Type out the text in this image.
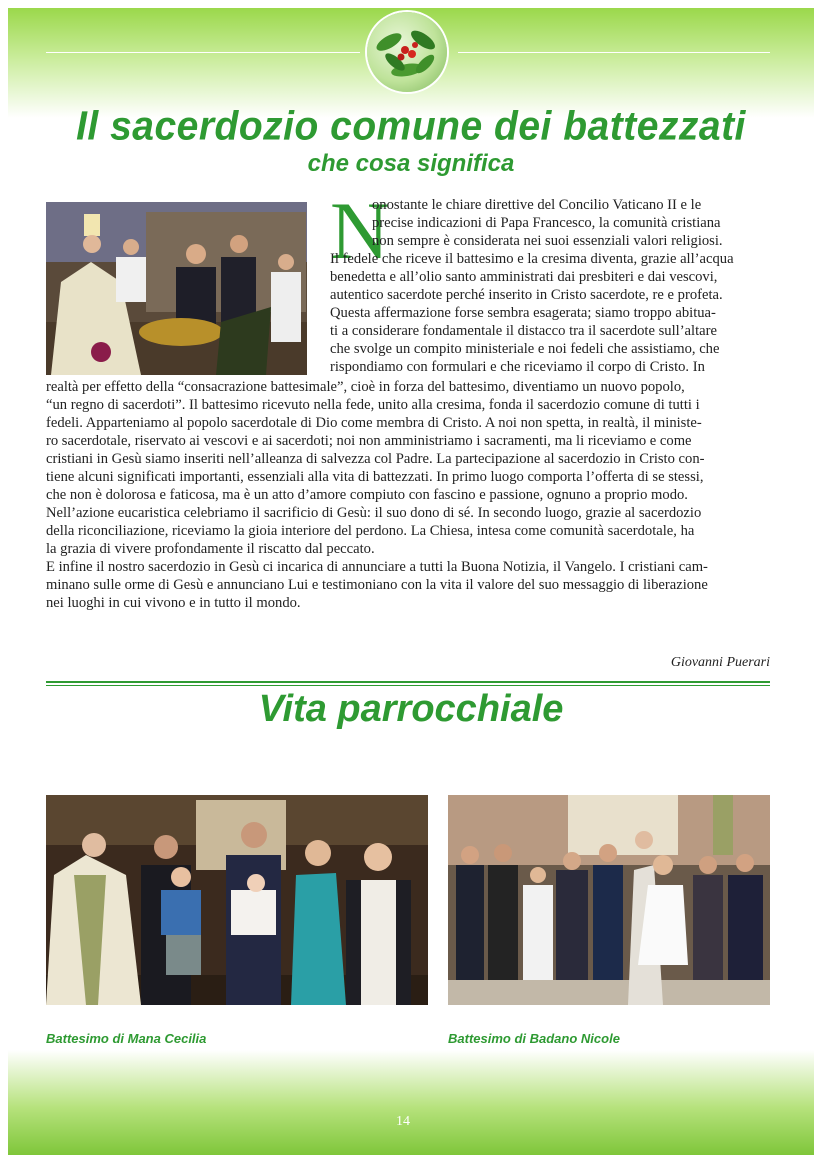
Il sacerdozio comune dei battezzati
che cosa significa
N
onostante le chiare direttive del Concilio Vaticano II e le
precise indicazioni di Papa Francesco, la comunità cristiana
non sempre è considerata nei suoi essenziali valori religiosi.
Il fedele che riceve il battesimo e la cresima diventa, grazie all’acqua
benedetta e all’olio santo amministrati dai presbiteri e dai vescovi,
autentico sacerdote perché inserito in Cristo sacerdote, re e profeta.
Questa affermazione forse sembra esagerata; siamo troppo abitua-
ti a considerare fondamentale il distacco tra il sacerdote sull’altare
che svolge un compito ministeriale e noi fedeli che assistiamo, che
rispondiamo con formulari e che riceviamo il corpo di Cristo. In
realtà per effetto della “consacrazione battesimale”, cioè in forza del battesimo, diventiamo un nuovo popolo,
“un regno di sacerdoti”. Il battesimo ricevuto nella fede, unito alla cresima, fonda il sacerdozio comune di tutti i
fedeli. Apparteniamo al popolo sacerdotale di Dio come membra di Cristo. A noi non spetta, in realtà, il ministe-
ro sacerdotale, riservato ai vescovi e ai sacerdoti; noi non amministriamo i sacramenti, ma li riceviamo e come
cristiani in Gesù siamo inseriti nell’alleanza di salvezza col Padre. La partecipazione al sacerdozio in Cristo con-
tiene alcuni significati importanti, essenziali alla vita di battezzati. In primo luogo comporta l’offerta di se stessi,
che non è dolorosa e faticosa, ma è un atto d’amore compiuto con fascino e passione, ognuno a proprio modo.
Nell’azione eucaristica celebriamo il sacrificio di Gesù: il suo dono di sé. In secondo luogo, grazie al sacerdozio
della riconciliazione, riceviamo la gioia interiore del perdono. La Chiesa, intesa come comunità sacerdotale, ha
la grazia di vivere profondamente il riscatto dal peccato.
E infine il nostro sacerdozio in Gesù ci incarica di annunciare a tutti la Buona Notizia, il Vangelo. I cristiani cam-
minano sulle orme di Gesù e annunciano Lui e testimoniano con la vita il valore del suo messaggio di liberazione
nei luoghi in cui vivono e in tutto il mondo.
Giovanni Puerari
Vita parrocchiale
Battesimo di Mana Cecilia	Battesimo di Badano Nicole
14
